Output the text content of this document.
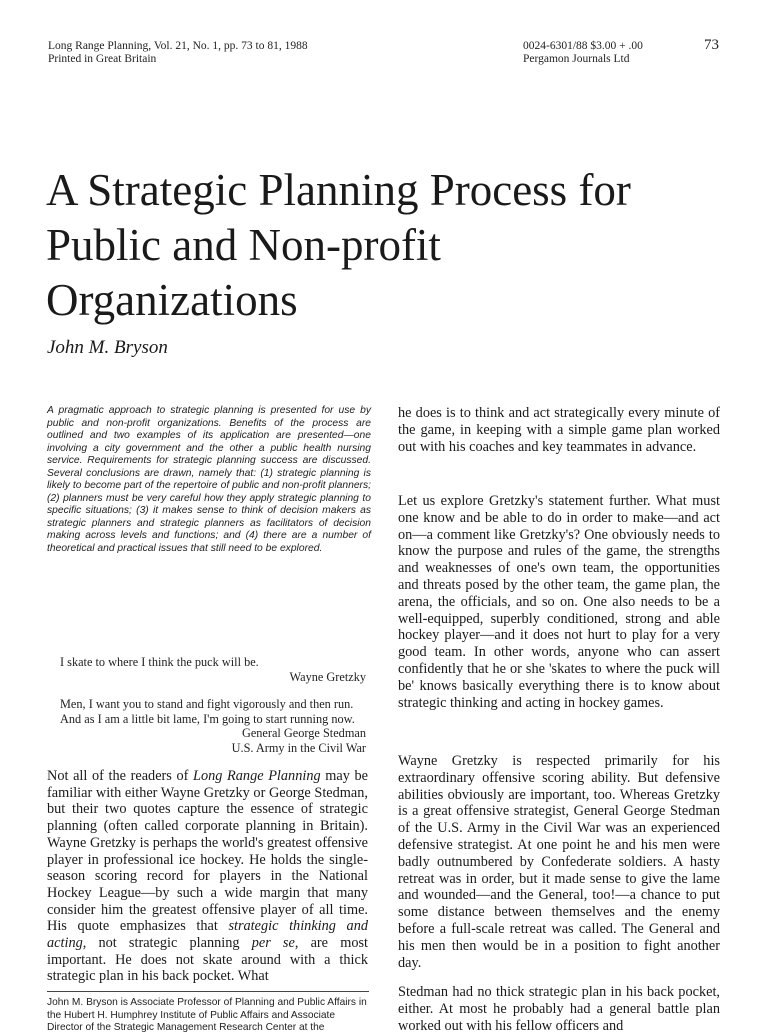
Long Range Planning, Vol. 21, No. 1, pp. 73 to 81, 1988
Printed in Great Britain
0024-6301/88 $3.00 + .00
Pergamon Journals Ltd
73
A Strategic Planning Process for
Public and Non-profit
Organizations
John M. Bryson

A pragmatic approach to strategic planning is presented for use by public and non-profit organizations. Benefits of the process are outlined and two examples of its application are presented—one involving a city government and the other a public health nursing service. Requirements for strategic planning success are discussed. Several conclusions are drawn, namely that: (1) strategic planning is likely to become part of the repertoire of public and non-profit planners; (2) planners must be very careful how they apply strategic planning to specific situations; (3) it makes sense to think of decision makers as strategic planners and strategic planners as facilitators of decision making across levels and functions; and (4) there are a number of theoretical and practical issues that still need to be explored.

I skate to where I think the puck will be.

Wayne Gretzky

Men, I want you to stand and fight vigorously and then run. And as I am a little bit lame, I'm going to start running now.

General George Stedman

U.S. Army in the Civil War

Not all of the readers of Long Range Planning may be familiar with either Wayne Gretzky or George Stedman, but their two quotes capture the essence of strategic planning (often called corporate planning in Britain). Wayne Gretzky is perhaps the world's greatest offensive player in professional ice hockey. He holds the single-season scoring record for players in the National Hockey League—by such a wide margin that many consider him the greatest offensive player of all time. His quote emphasizes that strategic thinking and acting, not strategic planning per se, are most important. He does not skate around with a thick strategic plan in his back pocket. What

he does is to think and act strategically every minute of the game, in keeping with a simple game plan worked out with his coaches and key teammates in advance.

Let us explore Gretzky's statement further. What must one know and be able to do in order to make—and act on—a comment like Gretzky's? One obviously needs to know the purpose and rules of the game, the strengths and weaknesses of one's own team, the opportunities and threats posed by the other team, the game plan, the arena, the officials, and so on. One also needs to be a well-equipped, superbly conditioned, strong and able hockey player—and it does not hurt to play for a very good team. In other words, anyone who can assert confidently that he or she 'skates to where the puck will be' knows basically everything there is to know about strategic thinking and acting in hockey games.

Wayne Gretzky is respected primarily for his extraordinary offensive scoring ability. But defensive abilities obviously are important, too. Whereas Gretzky is a great offensive strategist, General George Stedman of the U.S. Army in the Civil War was an experienced defensive strategist. At one point he and his men were badly outnumbered by Confederate soldiers. A hasty retreat was in order, but it made sense to give the lame and wounded—and the General, too!—a chance to put some distance between themselves and the enemy before a full-scale retreat was called. The General and his men then would be in a position to fight another day.

Stedman had no thick strategic plan in his back pocket, either. At most he probably had a general battle plan worked out with his fellow officers and

John M. Bryson is Associate Professor of Planning and Public Affairs in the Hubert H. Humphrey Institute of Public Affairs and Associate Director of the Strategic Management Research Center at the
